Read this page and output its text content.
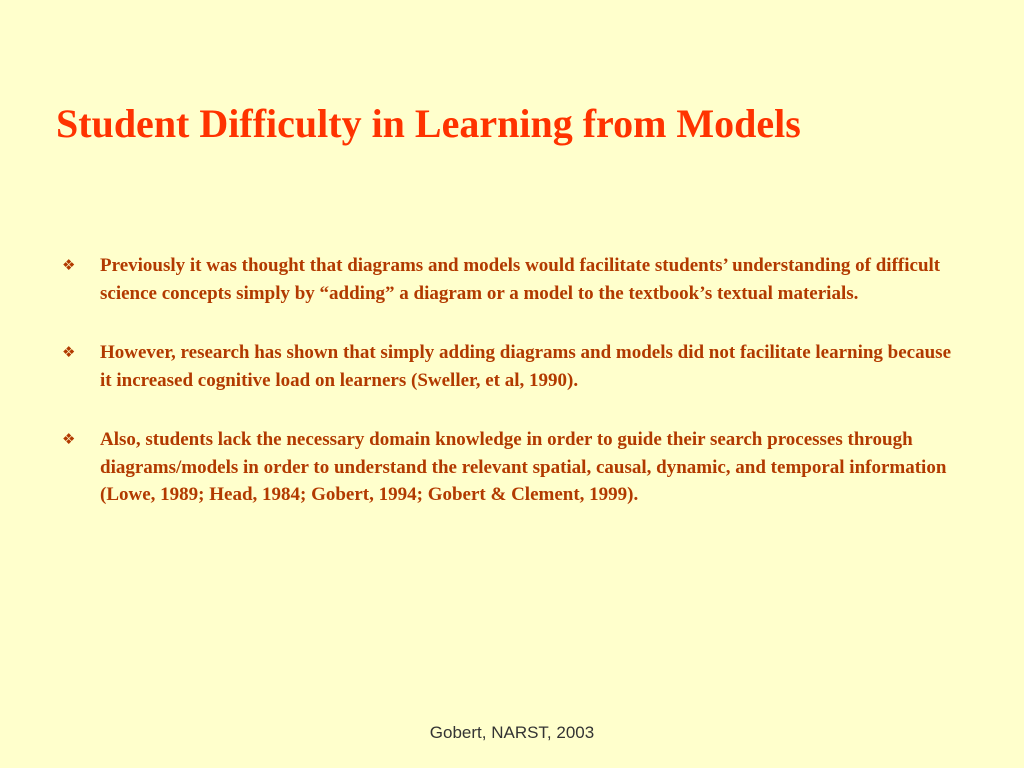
Student Difficulty in Learning from Models
❖	Previously it was thought that diagrams and models would facilitate students’ understanding of difficult science concepts simply by “adding” a diagram or a model to the textbook’s textual materials.
❖	However, research has shown that simply adding diagrams and models did not facilitate learning because it increased cognitive load on learners (Sweller, et al, 1990).
❖	Also, students lack the necessary domain knowledge in order to guide their search processes through diagrams/models in order to understand the relevant spatial, causal, dynamic, and temporal information (Lowe, 1989; Head, 1984; Gobert, 1994; Gobert & Clement, 1999).
Gobert, NARST, 2003
